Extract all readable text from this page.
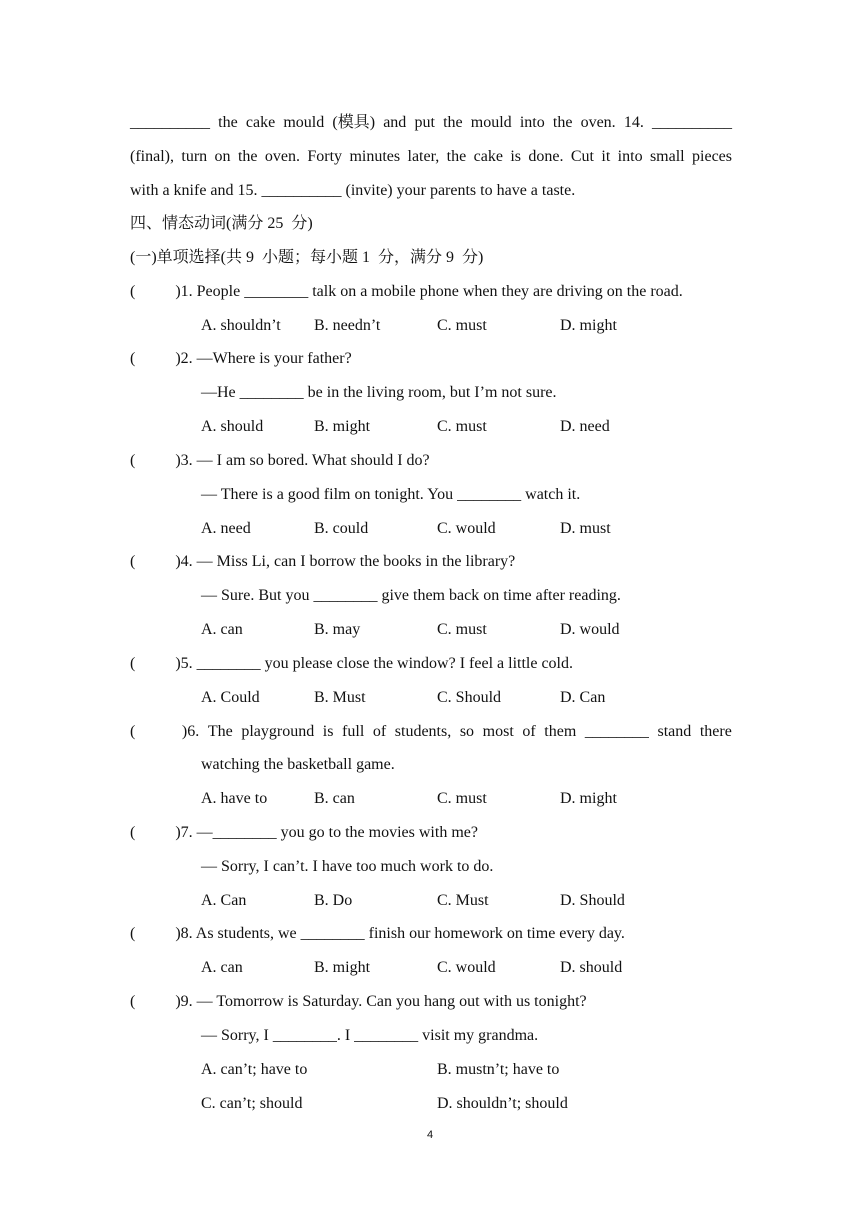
__________ the cake mould (模具) and put the mould into the oven. 14. __________
(final), turn on the oven. Forty minutes later, the cake is done. Cut it into small pieces
with a knife and 15. __________ (invite) your parents to have a taste.
四、情态动词(满分 25  分)
(一)单项选择(共 9  小题；每小题 1  分，满分 9  分)
(          )1. People ________ talk on a mobile phone when they are driving on the road.
A. shouldn’t B. needn’t	C. must	D. might
(          )2. —Where is your father?
—He ________ be in the living room, but I’m not sure.
A. should	B. might	C. must	D. need
(          )3. — I am so bored. What should I do?
— There is a good film on tonight. You ________ watch it.
A. need	B. could	C. would	D. must
(          )4. — Miss Li, can I borrow the books in the library?
— Sure. But you ________ give them back on time after reading.
A. can	B. may	C. must	D. would
(          )5. ________ you please close the window? I feel a little cold.
A. Could	B. Must	C. Should	D. Can
(	)6. The playground is full of students, so most of them ________ stand there
watching the basketball game.
A. have to	B. can	C. must	D. might
(          )7. —________ you go to the movies with me?
— Sorry, I can’t. I have too much work to do.
A. Can	B. Do	C. Must	D. Should
(          )8. As students, we ________ finish our homework on time every day.
A. can	B. might	C. would	D. should
(          )9. — Tomorrow is Saturday. Can you hang out with us tonight?
— Sorry, I ________. I ________ visit my grandma.
A. can’t; have to	B. mustn’t; have to
C. can’t; should	D. shouldn’t; should
4
